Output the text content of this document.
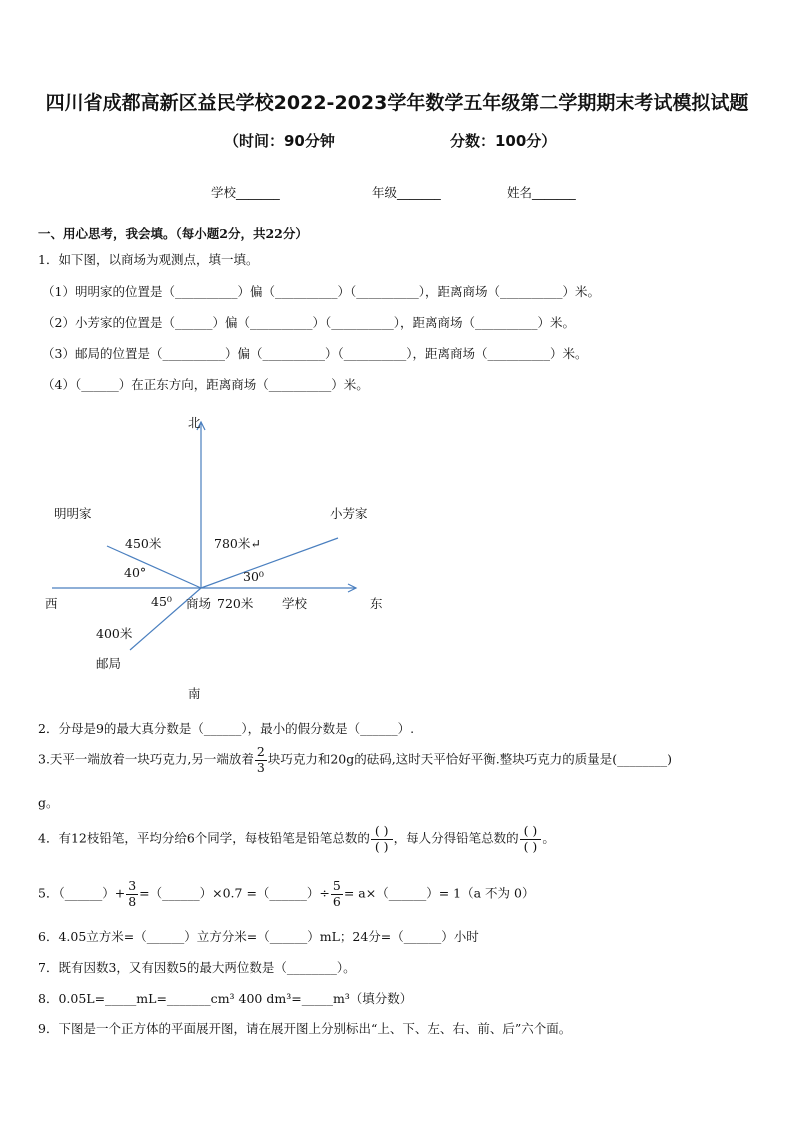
四川省成都高新区益民学校2022-2023学年数学五年级第二学期期末考试模拟试题
（时间：90分钟	分数：100分）
学校_______	年级_______	姓名_______
一、用心思考，我会填。（每小题2分，共22分）
1．如下图，以商场为观测点，填一填。
（1）明明家的位置是（__________）偏（__________）（__________），距离商场（__________）米。
（2）小芳家的位置是（______）偏（__________）（__________），距离商场（__________）米。
（3）邮局的位置是（__________）偏（__________）（__________），距离商场（__________）米。
（4）（______）在正东方向，距离商场（__________）米。
北
南
西	东
明明家	小芳家
450米	780米↵
40°	30⁰
45⁰ 商场 720米 学校
400米
邮局
2．分母是9的最大真分数是（______），最小的假分数是（______）.
3.天平一端放着一块巧克力,另一端放着 $\frac{2}{3}$ 块巧克力和20g的砝码,这时天平恰好平衡.整块巧克力的质量是(________)
g。
4．有12枝铅笔，平均分给6个同学，每枝铅笔是铅笔总数的 $\frac{( )}{( )}$ ，每人分得铅笔总数的 $\frac{( )}{( )}$ 。
5．（______）+ $\frac{3}{8}$ =（______）×0.7 =（______）÷ $\frac{5}{6}$ = a×（______）= 1（a 不为 0）
6．4.05立方米=（______）立方分米=（______）mL；24分=（______）小时
7．既有因数3，又有因数5的最大两位数是（________）。
8．0.05L=_____mL=_______cm³ 400 dm³=_____m³（填分数）
9．下图是一个正方体的平面展开图，请在展开图上分别标出“上、下、左、右、前、后”六个面。
